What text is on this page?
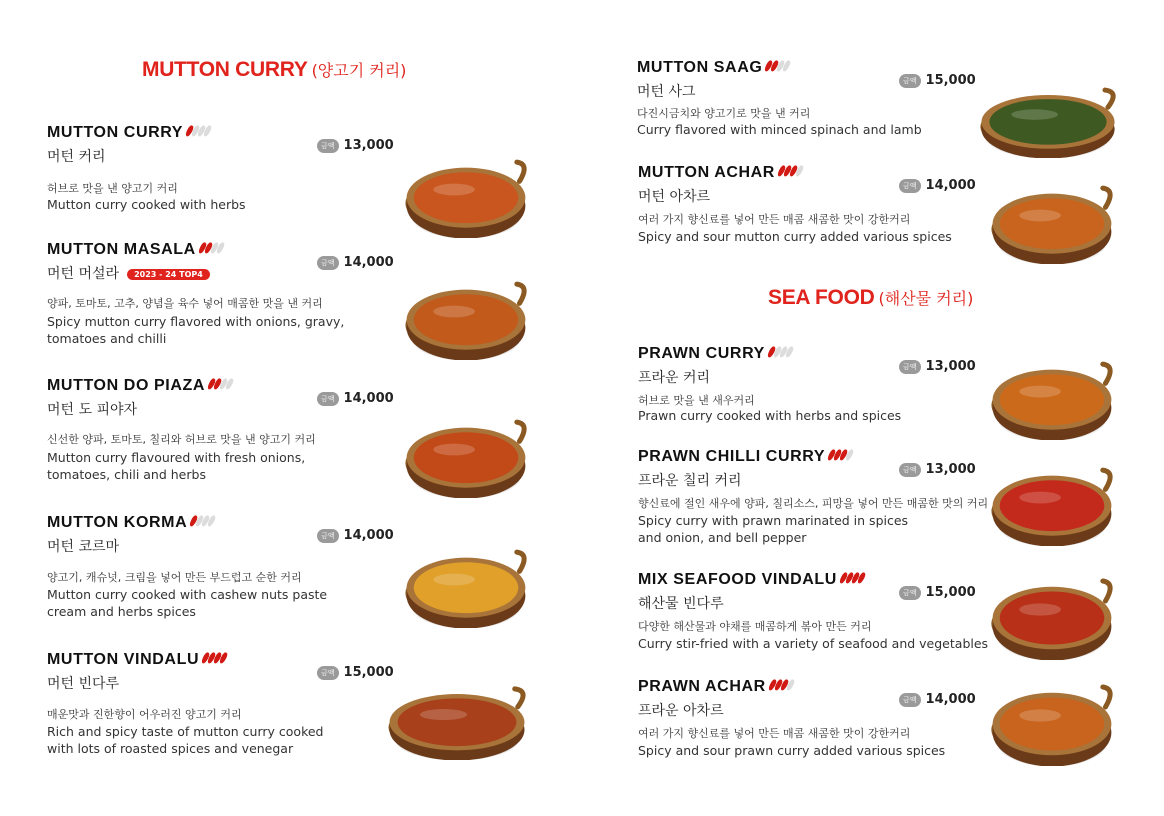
MUTTON CURRY (양고기 커리)
SEA FOOD (해산물 커리)
MUTTON CURRY
머턴 커리
금액 13,000
허브로 맛을 낸 양고기 커리
Mutton curry cooked with herbs
MUTTON MASALA
머턴 머설라 2023 - 24 TOP4
금액 14,000
양파, 토마토, 고추, 양념을 육수 넣어 매콤한 맛을 낸 커리
Spicy mutton curry flavored with onions, gravy,
tomatoes and chilli
MUTTON DO PIAZA
머턴 도 피야자
금액 14,000
신선한 양파, 토마토, 칠리와 허브로 맛을 낸 양고기 커리
Mutton curry flavoured with fresh onions,
tomatoes, chili and herbs
MUTTON KORMA
머턴 코르마
금액 14,000
양고기, 캐슈넛, 크림을 넣어 만든 부드럽고 순한 커리
Mutton curry cooked with cashew nuts paste
cream and herbs spices
MUTTON VINDALU
머턴 빈다루
금액 15,000
매운맛과 진한향이 어우러진 양고기 커리
Rich and spicy taste of mutton curry cooked
with lots of roasted spices and venegar
MUTTON SAAG
머턴 사그
금액 15,000
다진시금치와 양고기로 맛을 낸 커리
Curry flavored with minced spinach and lamb
MUTTON ACHAR
머턴 아차르
금액 14,000
여러 가지 향신료를 넣어 만든 매콤 새콤한 맛이 강한커리
Spicy and sour mutton curry added various spices
PRAWN CURRY
프라운 커리
금액 13,000
허브로 맛을 낸 새우커리
Prawn curry cooked with herbs and spices
PRAWN CHILLI CURRY
프라운 칠리 커리
금액 13,000
향신료에 절인 새우에 양파, 칠리소스, 피망을 넣어 만든 매콤한 맛의 커리
Spicy curry with prawn marinated in spices
and onion, and bell pepper
MIX SEAFOOD VINDALU
해산물 빈다루
금액 15,000
다양한 해산물과 야채를 매콤하게 볶아 만든 커리
Curry stir-fried with a variety of seafood and vegetables
PRAWN ACHAR
프라운 아차르
금액 14,000
여러 가지 향신료를 넣어 만든 매콤 새콤한 맛이 강한커리
Spicy and sour prawn curry added various spices
